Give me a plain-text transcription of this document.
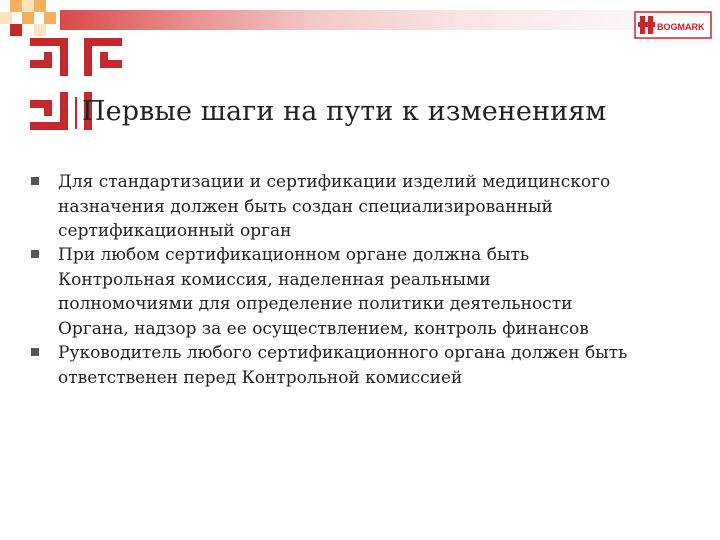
BOGMARK
Первые шаги на пути к изменениям
Для стандартизации и сертификации изделий медицинского
назначения должен быть создан специализированный
сертификационный орган
При любом сертификационном органе должна быть
Контрольная комиссия, наделенная реальными
полномочиями для определение политики деятельности
Органа, надзор за ее осуществлением, контроль финансов
Руководитель любого сертификационного органа должен быть
ответственен перед Контрольной комиссией
